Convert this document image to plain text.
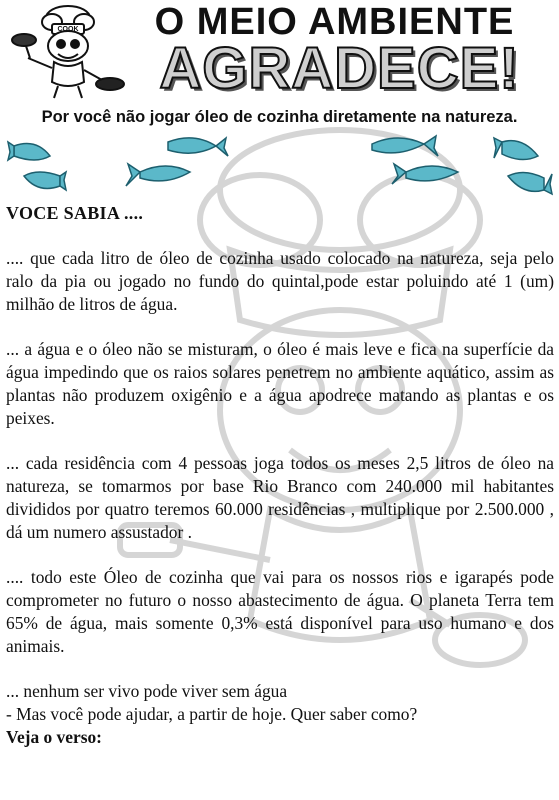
COOK	O MEIO AMBIENTE
AGRADECE!
Por você não jogar óleo de cozinha diretamente na natureza.

VOCE SABIA ....

.... que cada litro de óleo de cozinha usado colocado na natureza, seja pelo ralo da pia ou jogado no fundo do quintal,pode estar poluindo até 1 (um) milhão de litros de água.

... a água e o óleo não se misturam, o óleo é mais leve e fica na superfície da água impedindo que os raios solares penetrem no ambiente aquático, assim as plantas não produzem oxigênio e a água apodrece matando as plantas e os peixes.

... cada residência com 4 pessoas joga todos os meses 2,5 litros de óleo na natureza, se tomarmos por base Rio Branco com 240.000 mil habitantes divididos por quatro teremos 60.000 residências , multiplique por 2.500.000 , dá um numero assustador .

.... todo este Óleo de cozinha que vai para os nossos rios e igarapés pode comprometer no futuro o nosso abastecimento de água. O planeta Terra tem 65% de água, mais somente 0,3% está disponível para uso humano e dos animais.

... nenhum ser vivo pode viver sem água

- Mas você pode ajudar, a partir de hoje. Quer saber como?

Veja o verso:
